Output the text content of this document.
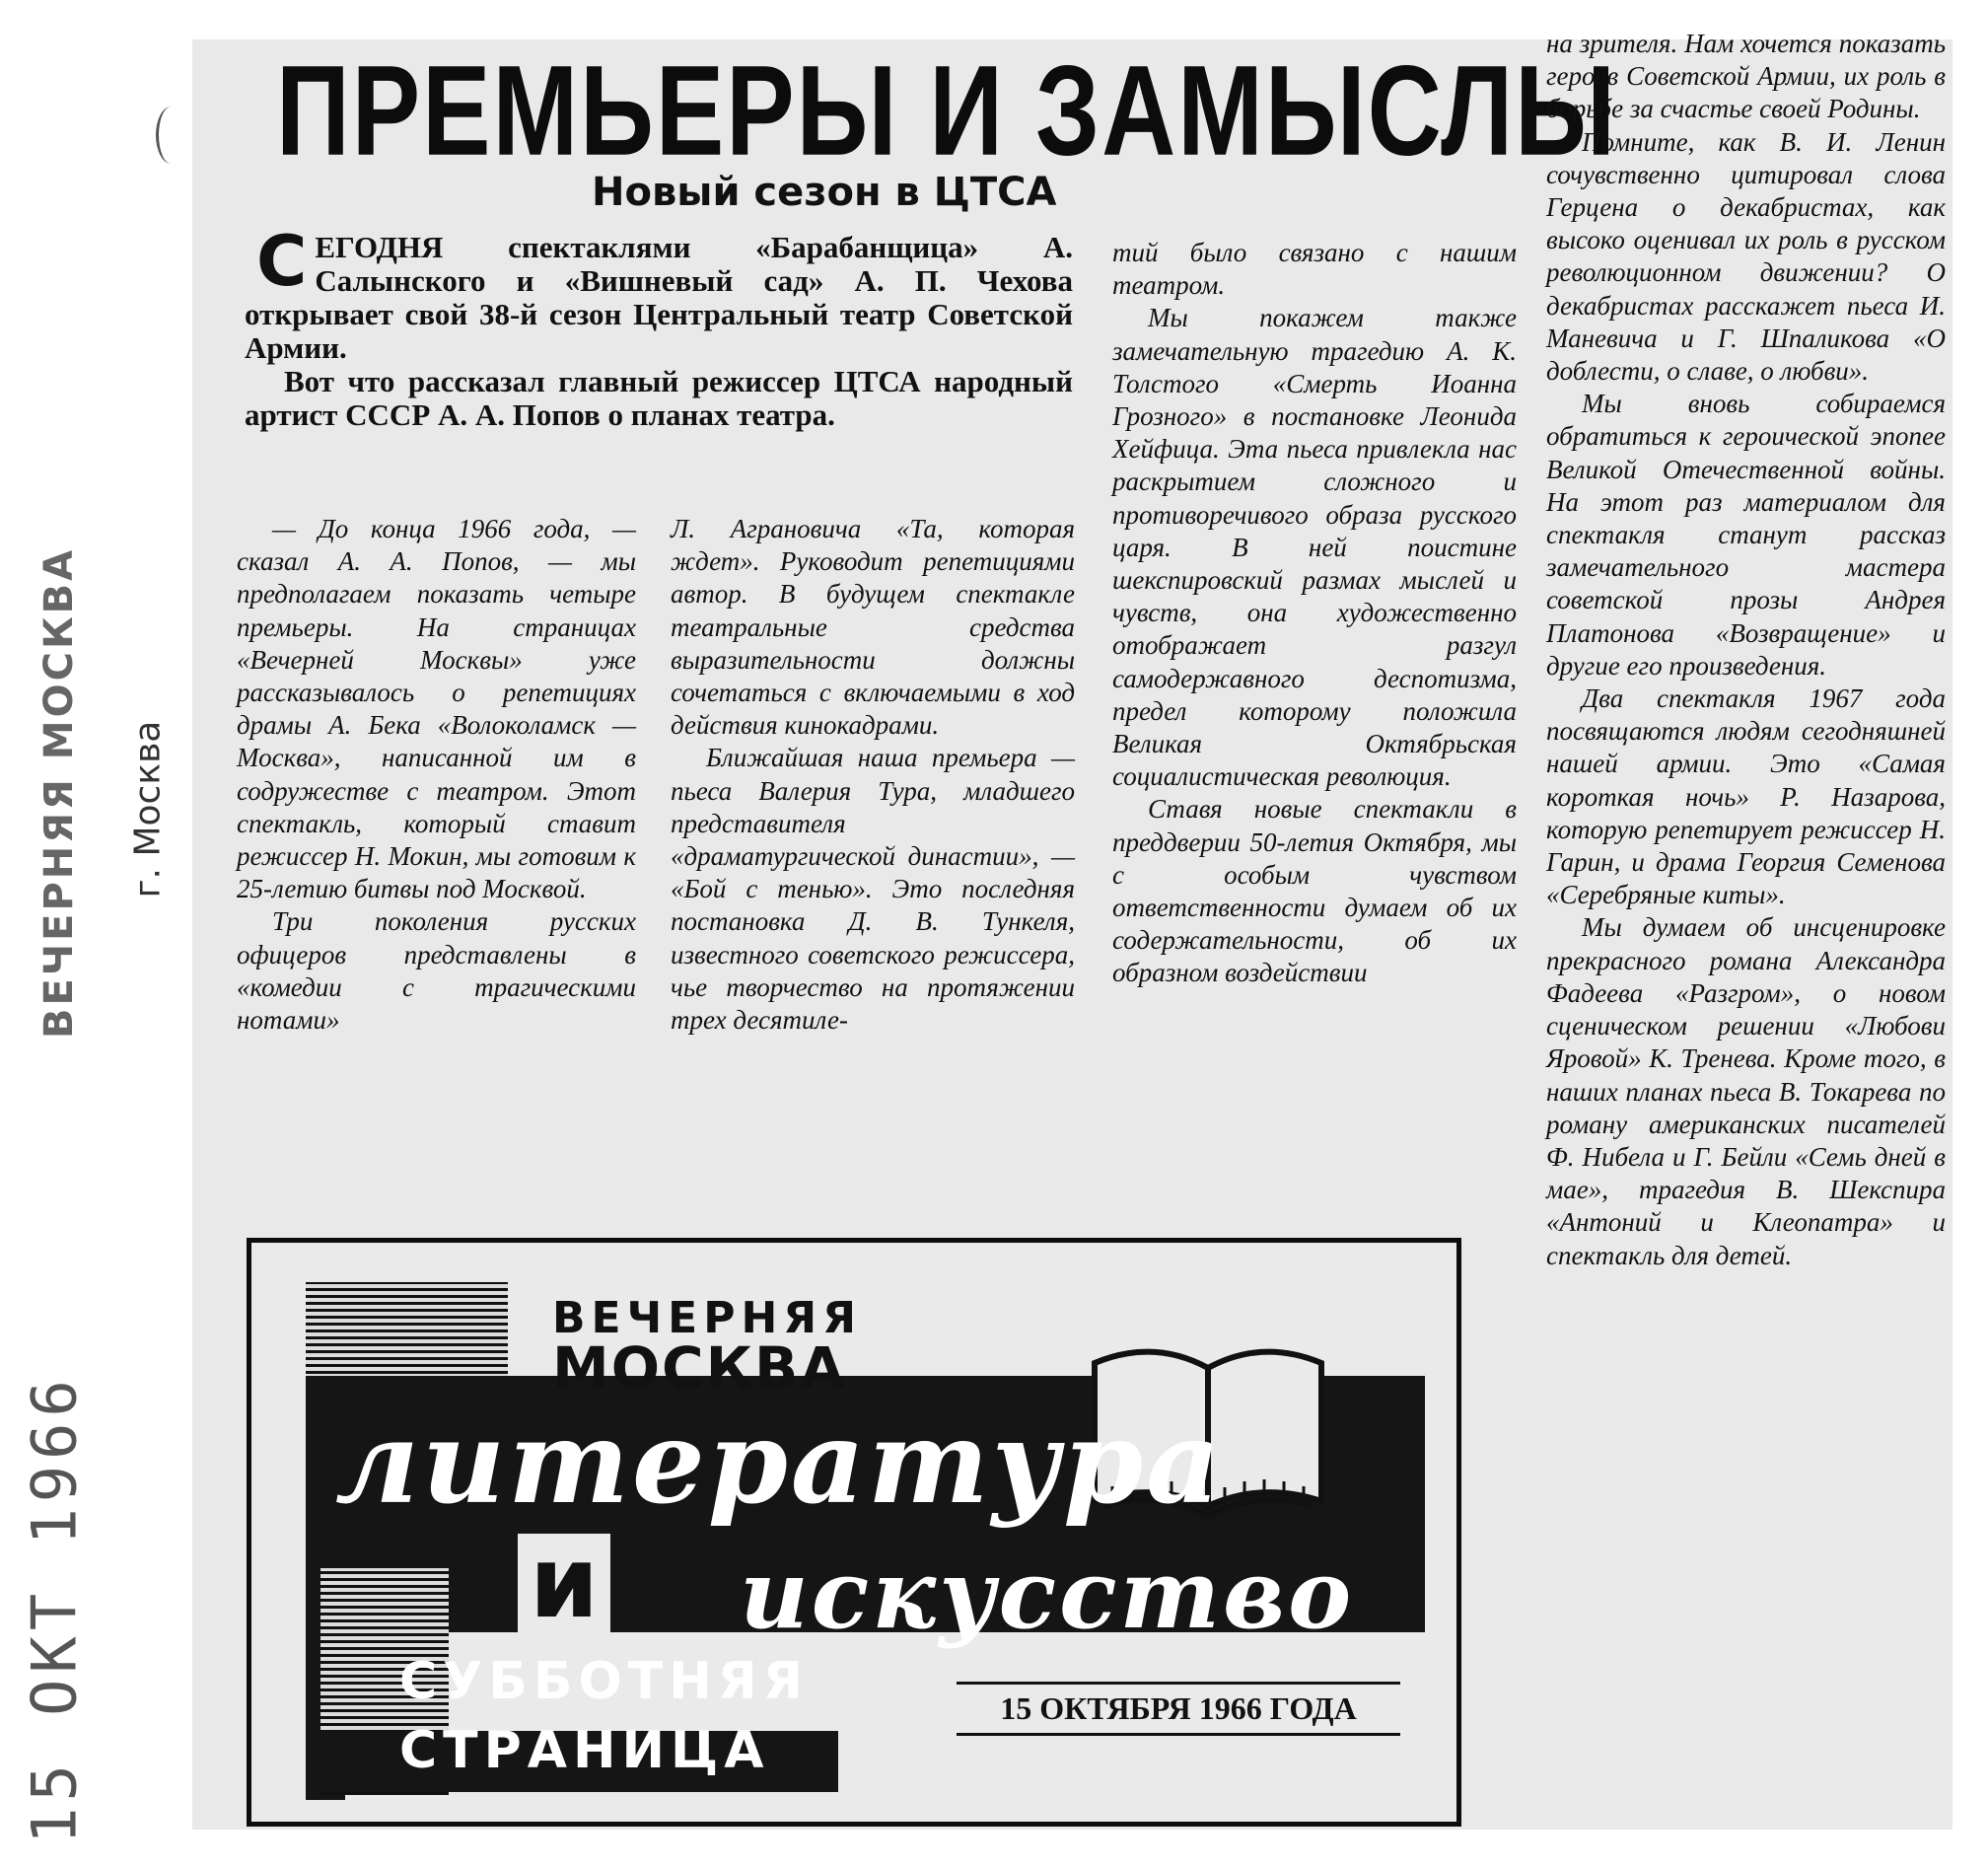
ВЕЧЕРНЯЯ МОСКВА г. Москва
15 ОКТ 1966
ПРЕМЬЕРЫ И ЗАМЫСЛЫ
Новый сезон в ЦТСА

СЕГОДНЯ спектаклями «Барабанщица» А. Салынского и «Вишневый сад» А. П. Чехова открывает свой 38-й сезон Центральный театр Советской Армии.

Вот что рассказал главный режиссер ЦТСА народный артист СССР А. А. Попов о планах театра.

— До конца 1966 года, — сказал А. А. Попов, — мы предполагаем показать четыре премьеры. На страницах «Вечерней Москвы» уже рассказывалось о репетициях драмы А. Бека «Волоколамск — Москва», написанной им в содружестве с театром. Этот спектакль, который ставит режиссер Н. Мокин, мы готовим к 25-летию битвы под Москвой.

Три поколения русских офицеров представлены в «комедии с трагическими нотами»

Л. Аграновича «Та, которая ждет». Руководит репетициями автор. В будущем спектакле театральные средства выразительности должны сочетаться с включаемыми в ход действия кинокадрами.

Ближайшая наша премьера — пьеса Валерия Тура, младшего представителя «драматургической династии», — «Бой с тенью». Это последняя постановка Д. В. Тункеля, известного советского режиссера, чье творчество на протяжении трех десятиле-

тий было связано с нашим театром.

Мы покажем также замечательную трагедию А. К. Толстого «Смерть Иоанна Грозного» в постановке Леонида Хейфица. Эта пьеса привлекла нас раскрытием сложного и противоречивого образа русского царя. В ней поистине шекспировский размах мыслей и чувств, она художественно отображает разгул самодержавного деспотизма, предел которому положила Великая Октябрьская социалистическая революция.

Ставя новые спектакли в преддверии 50-летия Октября, мы с особым чувством ответственности думаем об их содержательности, об их образном воздействии

на зрителя. Нам хочется показать героев Советской Армии, их роль в борьбе за счастье своей Родины.

Помните, как В. И. Ленин сочувственно цитировал слова Герцена о декабристах, как высоко оценивал их роль в русском революционном движении? О декабристах расскажет пьеса И. Маневича и Г. Шпаликова «О доблести, о славе, о любви».

Мы вновь собираемся обратиться к героической эпопее Великой Отечественной войны. На этот раз материалом для спектакля станут рассказ замечательного мастера советской прозы Андрея Платонова «Возвращение» и другие его произведения.

Два спектакля 1967 года посвящаются людям сегодняшней нашей армии. Это «Самая короткая ночь» Р. Назарова, которую репетирует режиссер Н. Гарин, и драма Георгия Семенова «Серебряные киты».

Мы думаем об инсценировке прекрасного романа Александра Фадеева «Разгром», о новом сценическом решении «Любови Яровой» К. Тренева. Кроме того, в наших планах пьеса В. Токарева по роману американских писателей Ф. Нибела и Г. Бейли «Семь дней в мае», трагедия В. Шекспира «Антоний и Клеопатра» и спектакль для детей.

ВЕЧЕРНЯЯ
МОСКВА
литература
и искусство
СУББОТНЯЯ
СТРАНИЦА
15 ОКТЯБРЯ 1966 ГОДА
